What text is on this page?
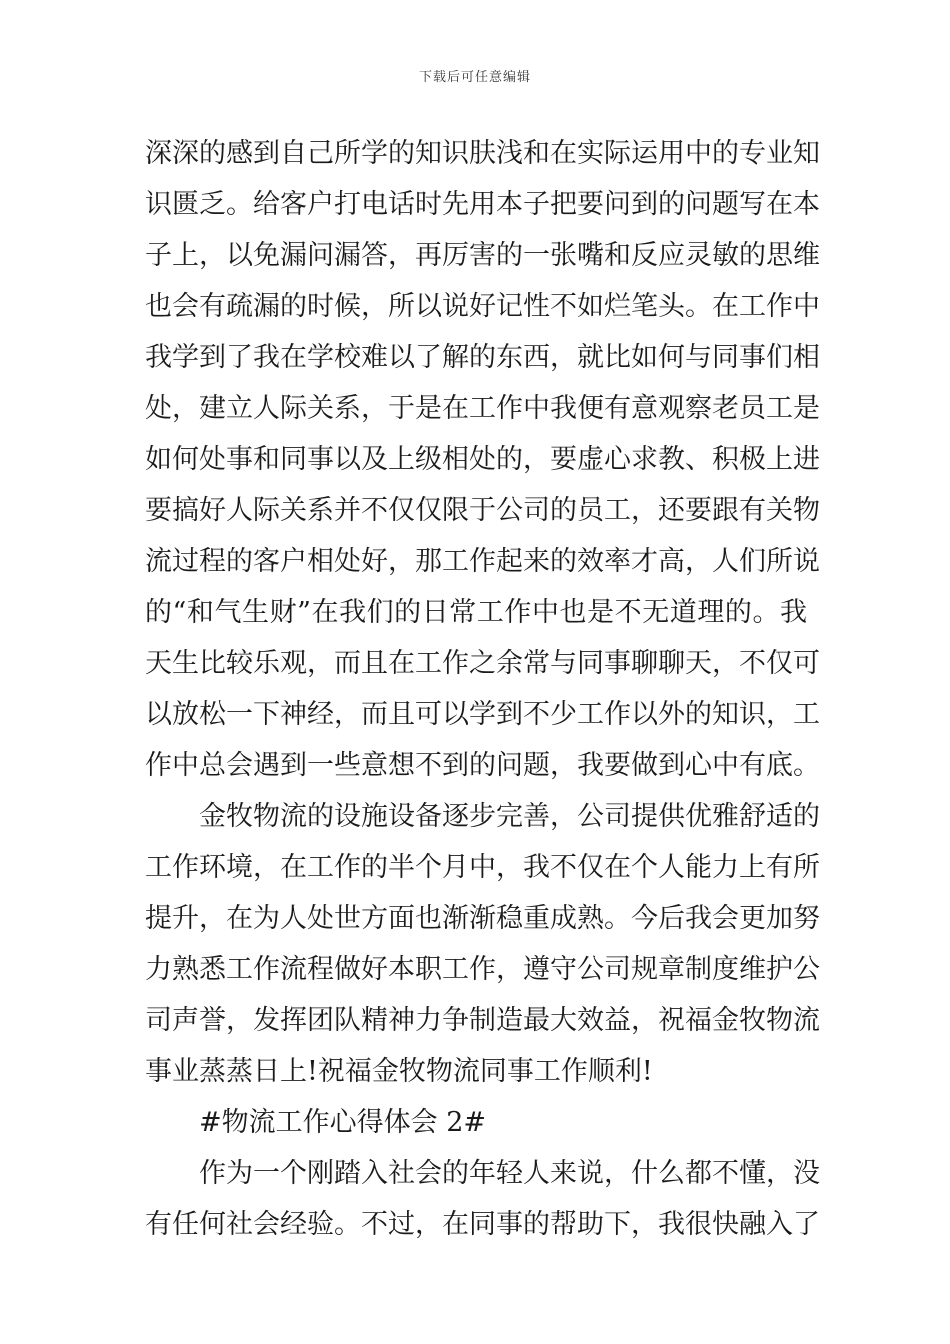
下载后可任意编辑
深深的感到自己所学的知识肤浅和在实际运用中的专业知
识匮乏。给客户打电话时先用本子把要问到的问题写在本
子上，以免漏问漏答，再厉害的一张嘴和反应灵敏的思维
也会有疏漏的时候，所以说好记性不如烂笔头。在工作中
我学到了我在学校难以了解的东西，就比如何与同事们相
处，建立人际关系，于是在工作中我便有意观察老员工是
如何处事和同事以及上级相处的，要虚心求教、积极上进
要搞好人际关系并不仅仅限于公司的员工，还要跟有关物
流过程的客户相处好，那工作起来的效率才高，人们所说
的“和气生财”在我们的日常工作中也是不无道理的。我
天生比较乐观，而且在工作之余常与同事聊聊天，不仅可
以放松一下神经，而且可以学到不少工作以外的知识，工
作中总会遇到一些意想不到的问题，我要做到心中有底。
金牧物流的设施设备逐步完善，公司提供优雅舒适的
工作环境，在工作的半个月中，我不仅在个人能力上有所
提升，在为人处世方面也渐渐稳重成熟。今后我会更加努
力熟悉工作流程做好本职工作，遵守公司规章制度维护公
司声誉，发挥团队精神力争制造最大效益，祝福金牧物流
事业蒸蒸日上!祝福金牧物流同事工作顺利!
#物流工作心得体会 2#
作为一个刚踏入社会的年轻人来说，什么都不懂，没
有任何社会经验。不过，在同事的帮助下，我很快融入了
